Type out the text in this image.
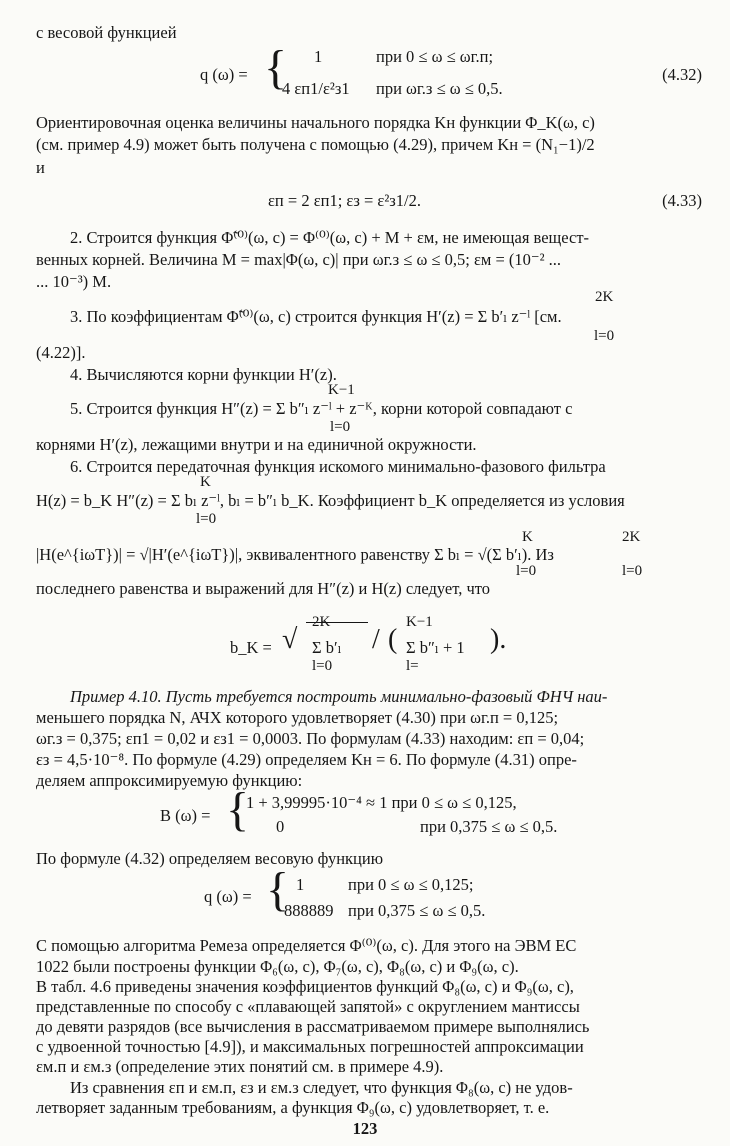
с весовой функцией
q (ω) = { 1	при 0 ≤ ω ≤ ωг.п;
4 εп1/ε²з1 при ωг.з ≤ ω ≤ 0,5.
(4.32)
Ориентировочная оценка величины начального порядка Kн функции Φ_K(ω, c)
(см. пример 4.9) может быть получена с помощью (4.29), причем Kн = (N₁−1)/2
и
εп = 2 εп1; εз = ε²з1/2.	(4.33)
2. Строится функция Φ̃⁽⁰⁾(ω, c) = Φ⁽⁰⁾(ω, c) + M + εм, не имеющая вещест-
венных корней. Величина M = max|Φ(ω, c)| при ωг.з ≤ ω ≤ 0,5; εм = (10⁻² ...
... 10⁻³) M.
2K
3. По коэффициентам Φ̃⁽⁰⁾(ω, c) строится функция H′(z) = Σ b′ₗ z⁻ˡ [см.
l=0
(4.22)].
4. Вычисляются корни функции H′(z).
K−1
5. Строится функция H″(z) = Σ b″ₗ z⁻ˡ + z⁻ᴷ, корни которой совпадают с
l=0
корнями H′(z), лежащими внутри и на единичной окружности.
6. Строится передаточная функция искомого минимально-фазового фильтра
K
H(z) = b_K H″(z) = Σ bₗ z⁻ˡ, bₗ = b″ₗ b_K. Коэффициент b_K определяется из условия
l=0
K	2K
|H(e^{iωT})| = √|H′(e^{iωT})|, эквивалентного равенству Σ bₗ = √(Σ b′ₗ). Из
l=0	l=0
последнего равенства и выражений для H″(z) и H(z) следует, что
b_K = √
2K
Σ b′ₗ
l=0
/ (
K−1
Σ b″ₗ + 1
l=
).
Пример 4.10. Пусть требуется построить минимально-фазовый ФНЧ наи-
меньшего порядка N, АЧХ которого удовлетворяет (4.30) при ωг.п = 0,125;
ωг.з = 0,375; εп1 = 0,02 и εз1 = 0,0003. По формулам (4.33) находим: εп = 0,04;
εз = 4,5·10⁻⁸. По формуле (4.29) определяем Kн = 6. По формуле (4.31) опре-
деляем аппроксимируемую функцию:
B (ω) = {
1 + 3,99995·10⁻⁴ ≈ 1 при 0 ≤ ω ≤ 0,125,
0	при 0,375 ≤ ω ≤ 0,5.
По формуле (4.32) определяем весовую функцию
q (ω) = { 1	при 0 ≤ ω ≤ 0,125;
888889 при 0,375 ≤ ω ≤ 0,5.
С помощью алгоритма Ремеза определяется Φ⁽⁰⁾(ω, c). Для этого на ЭВМ ЕС
1022 были построены функции Φ₆(ω, c), Φ₇(ω, c), Φ₈(ω, c) и Φ₉(ω, c).
В табл. 4.6 приведены значения коэффициентов функций Φ₈(ω, c) и Φ₉(ω, c),
представленные по способу с «плавающей запятой» с округлением мантиссы
до девяти разрядов (все вычисления в рассматриваемом примере выполнялись
с удвоенной точностью [4.9]), и максимальных погрешностей аппроксимации
εм.п и εм.з (определение этих понятий см. в примере 4.9).
Из сравнения εп и εм.п, εз и εм.з следует, что функция Φ₈(ω, c) не удов-
летворяет заданным требованиям, а функция Φ₉(ω, c) удовлетворяет, т. е.
123
